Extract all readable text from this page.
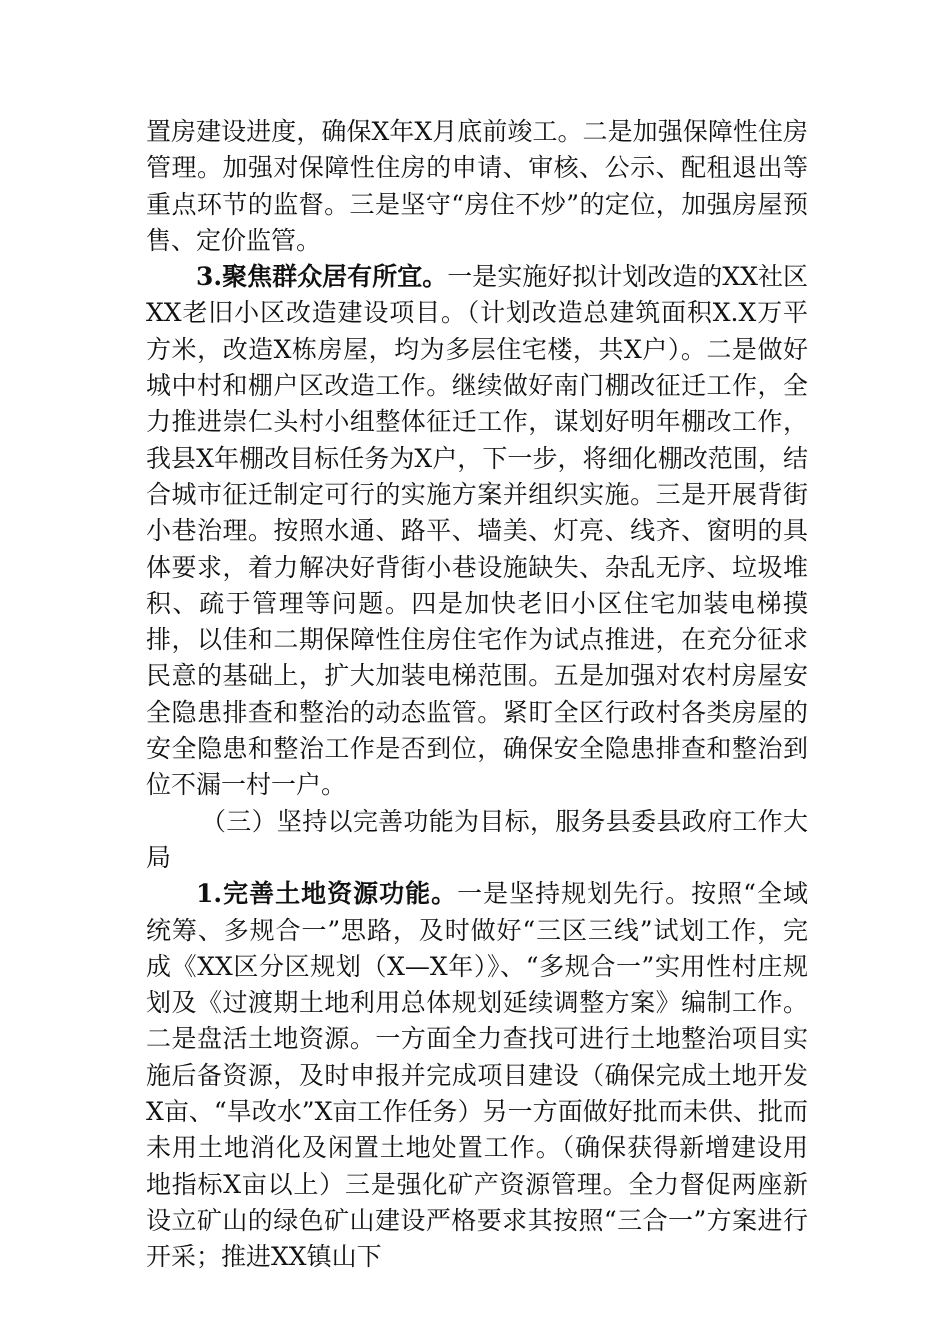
置房建设进度，确保X年X月底前竣工。二是加强保障性住房管理。加强对保障性住房的申请、审核、公示、配租退出等重点环节的监督。三是坚守“房住不炒”的定位，加强房屋预售、定价监管。

3.聚焦群众居有所宜。一是实施好拟计划改造的XX社区XX老旧小区改造建设项目。（计划改造总建筑面积X.X万平方米，改造X栋房屋，均为多层住宅楼，共X户）。二是做好城中村和棚户区改造工作。继续做好南门棚改征迁工作，全力推进崇仁头村小组整体征迁工作，谋划好明年棚改工作，我县X年棚改目标任务为X户，下一步，将细化棚改范围，结合城市征迁制定可行的实施方案并组织实施。三是开展背街小巷治理。按照水通、路平、墙美、灯亮、线齐、窗明的具体要求，着力解决好背街小巷设施缺失、杂乱无序、垃圾堆积、疏于管理等问题。四是加快老旧小区住宅加装电梯摸排，以佳和二期保障性住房住宅作为试点推进，在充分征求民意的基础上，扩大加装电梯范围。五是加强对农村房屋安全隐患排查和整治的动态监管。紧盯全区行政村各类房屋的安全隐患和整治工作是否到位，确保安全隐患排查和整治到位不漏一村一户。

（三）坚持以完善功能为目标，服务县委县政府工作大局

1.完善土地资源功能。一是坚持规划先行。按照“全域统筹、多规合一”思路，及时做好“三区三线”试划工作，完成《XX区分区规划（X—X年）》、“多规合一”实用性村庄规划及《过渡期土地利用总体规划延续调整方案》编制工作。二是盘活土地资源。一方面全力查找可进行土地整治项目实施后备资源，及时申报并完成项目建设（确保完成土地开发X亩、“旱改水”X亩工作任务）另一方面做好批而未供、批而未用土地消化及闲置土地处置工作。（确保获得新增建设用地指标X亩以上）三是强化矿产资源管理。全力督促两座新设立矿山的绿色矿山建设严格要求其按照“三合一”方案进行开采；推进XX镇山下
